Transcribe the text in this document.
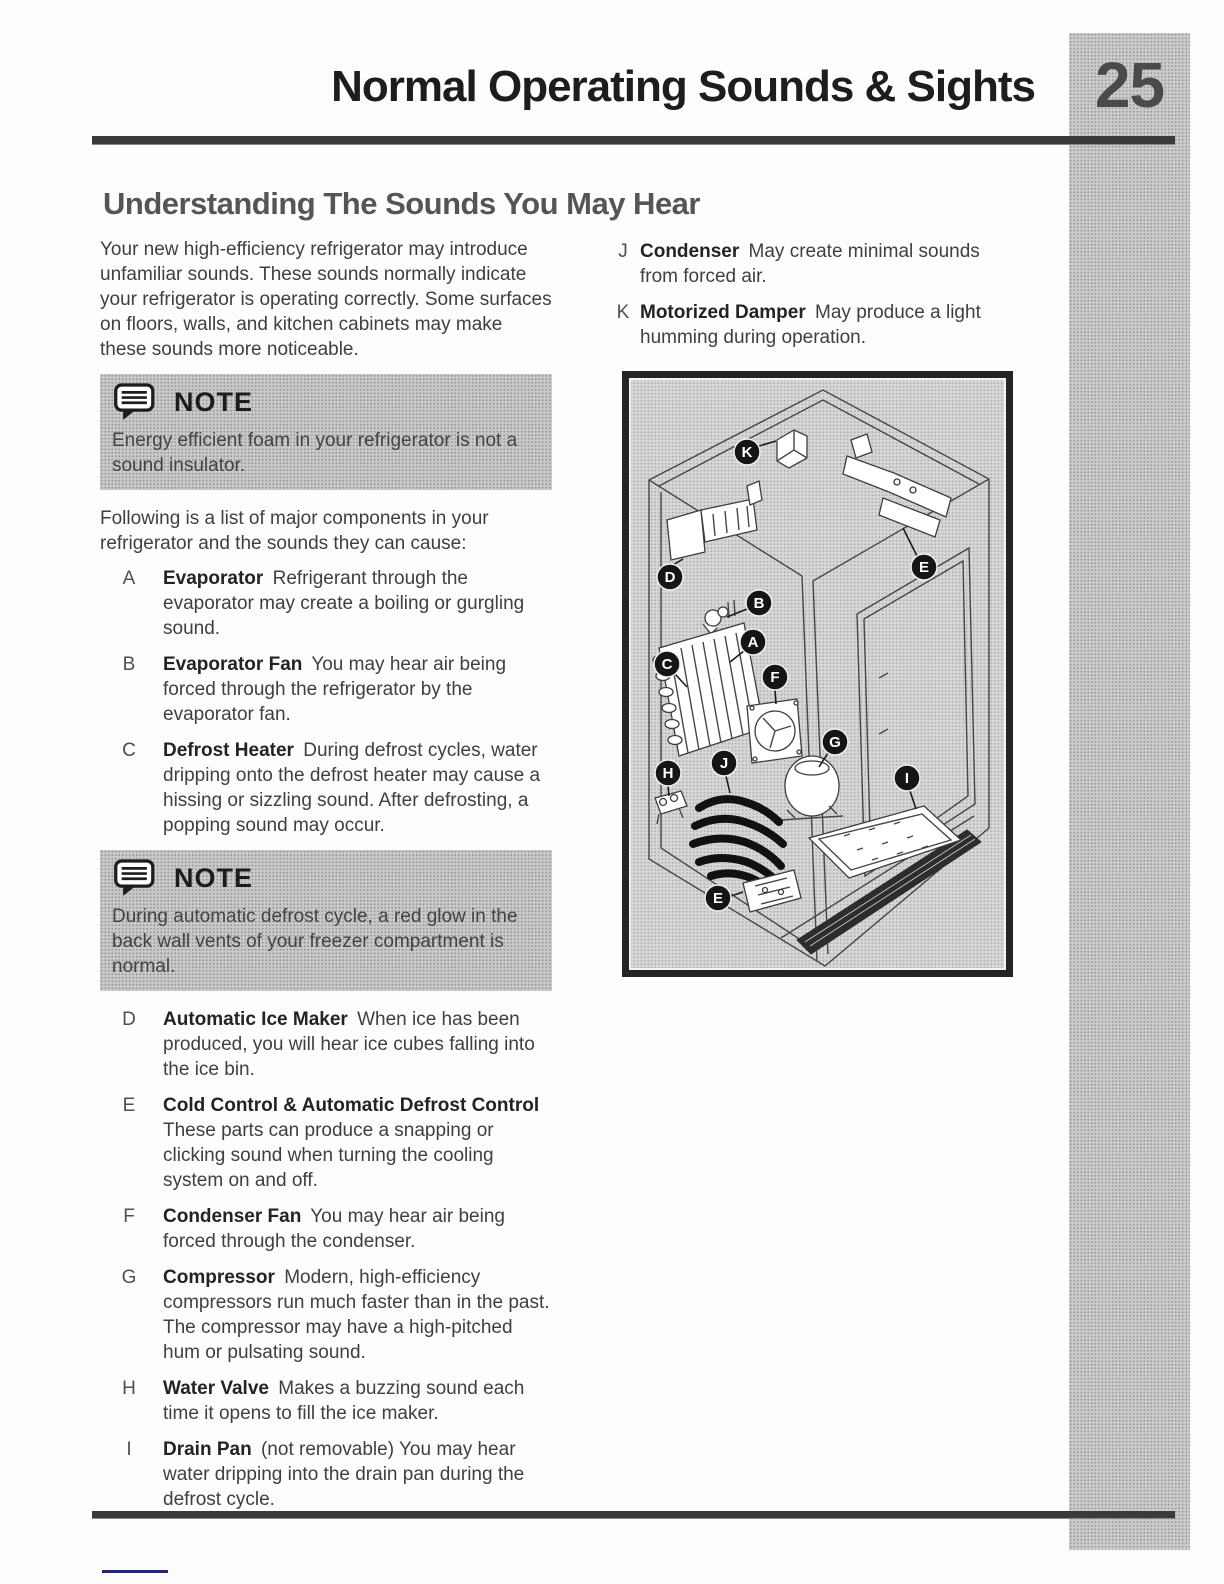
25
Normal Operating Sounds & Sights
Understanding The Sounds You May Hear

Your new high-efficiency refrigerator may introduce unfamiliar sounds. These sounds normally indicate your refrigerator is operating correctly. Some surfaces on floors, walls, and kitchen cabinets may make these sounds more noticeable.

NOTE
Energy efficient foam in your refrigerator is not a sound insulator.

Following is a list of major components in your refrigerator and the sounds they can cause:

A Evaporator Refrigerant through the evaporator may create a boiling or gurgling sound.
B Evaporator Fan You may hear air being forced through the refrigerator by the evaporator fan.
C Defrost Heater During defrost cycles, water dripping onto the defrost heater may cause a hissing or sizzling sound. After defrosting, a popping sound may occur.
NOTE
During automatic defrost cycle, a red glow in the back wall vents of your freezer compartment is normal.
D Automatic Ice Maker When ice has been produced, you will hear ice cubes falling into the ice bin.
E Cold Control & Automatic Defrost Control These parts can produce a snapping or clicking sound when turning the cooling system on and off.
F Condenser Fan You may hear air being forced through the condenser.
G Compressor Modern, high-efficiency compressors run much faster than in the past. The compressor may have a high-pitched hum or pulsating sound.
H Water Valve Makes a buzzing sound each time it opens to fill the ice maker.
I	Drain Pan (not removable) You may hear water dripping into the drain pan during the defrost cycle.
J Condenser May create minimal sounds from forced air.
K Motorized Damper May produce a light humming during operation.
K
D
E
B
A
C
F
G
H
J
I
E
